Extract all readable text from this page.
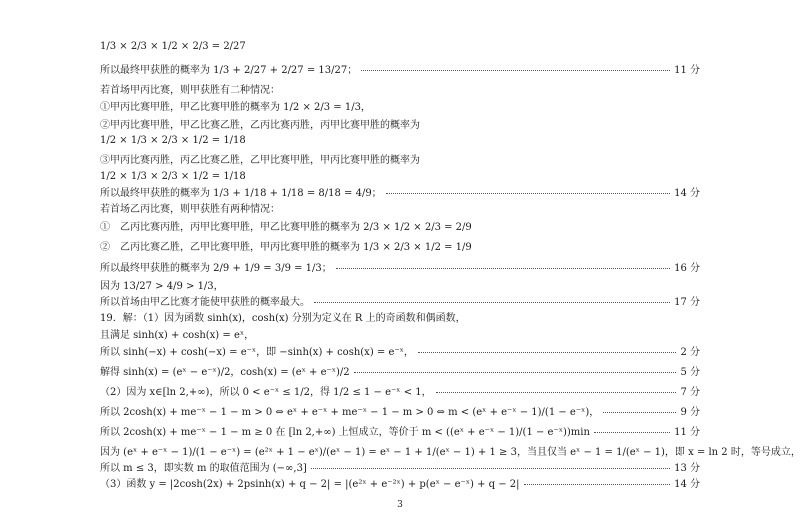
1/3 × 2/3 × 1/2 × 2/3 = 2/27
所以最终甲获胜的概率为 1/3 + 2/27 + 2/27 = 13/27；	11 分
若首场甲丙比赛，则甲获胜有二种情况：
①甲丙比赛甲胜，甲乙比赛甲胜的概率为 1/2 × 2/3 = 1/3，
②甲丙比赛甲胜，甲乙比赛乙胜，乙丙比赛丙胜，丙甲比赛甲胜的概率为
1/2 × 1/3 × 2/3 × 1/2 = 1/18
③甲丙比赛丙胜，丙乙比赛乙胜，乙甲比赛甲胜，甲丙比赛甲胜的概率为
1/2 × 1/3 × 2/3 × 1/2 = 1/18
所以最终甲获胜的概率为 1/3 + 1/18 + 1/18 = 8/18 = 4/9；	14 分
若首场乙丙比赛，则甲获胜有两种情况：
①　乙丙比赛丙胜，丙甲比赛甲胜，甲乙比赛甲胜的概率为 2/3 × 1/2 × 2/3 = 2/9
②　乙丙比赛乙胜，乙甲比赛甲胜，甲丙比赛甲胜的概率为 1/3 × 2/3 × 1/2 = 1/9
所以最终甲获胜的概率为 2/9 + 1/9 = 3/9 = 1/3；	16 分
因为 13/27 > 4/9 > 1/3，
所以首场由甲乙比赛才能使甲获胜的概率最大。	17 分
19．解：（1）因为函数 sinh(x)，cosh(x) 分别为定义在 R 上的奇函数和偶函数，
且满足 sinh(x) + cosh(x) = eˣ，
所以 sinh(−x) + cosh(−x) = e⁻ˣ，即 −sinh(x) + cosh(x) = e⁻ˣ，	2 分
解得 sinh(x) = (eˣ − e⁻ˣ)/2，cosh(x) = (eˣ + e⁻ˣ)/2	5 分
（2）因为 x∈[ln 2,+∞)，所以 0 < e⁻ˣ ≤ 1/2，得 1/2 ≤ 1 − e⁻ˣ < 1，	7 分
所以 2cosh(x) + me⁻ˣ − 1 − m > 0 ⇔ eˣ + e⁻ˣ + me⁻ˣ − 1 − m > 0 ⇔ m < (eˣ + e⁻ˣ − 1)/(1 − e⁻ˣ)，	9 分
所以 2cosh(x) + me⁻ˣ − 1 − m ≥ 0 在 [ln 2,+∞) 上恒成立，等价于 m < ((eˣ + e⁻ˣ − 1)/(1 − e⁻ˣ))min	11 分
因为 (eˣ + e⁻ˣ − 1)/(1 − e⁻ˣ) = (e²ˣ + 1 − eˣ)/(eˣ − 1) = eˣ − 1 + 1/(eˣ − 1) + 1 ≥ 3，当且仅当 eˣ − 1 = 1/(eˣ − 1)，即 x = ln 2 时，等号成立，
所以 m ≤ 3，即实数 m 的取值范围为 (−∞,3]	13 分
（3）函数 y = |2cosh(2x) + 2psinh(x) + q − 2| = |(e²ˣ + e⁻²ˣ) + p(eˣ − e⁻ˣ) + q − 2|	14 分
3
